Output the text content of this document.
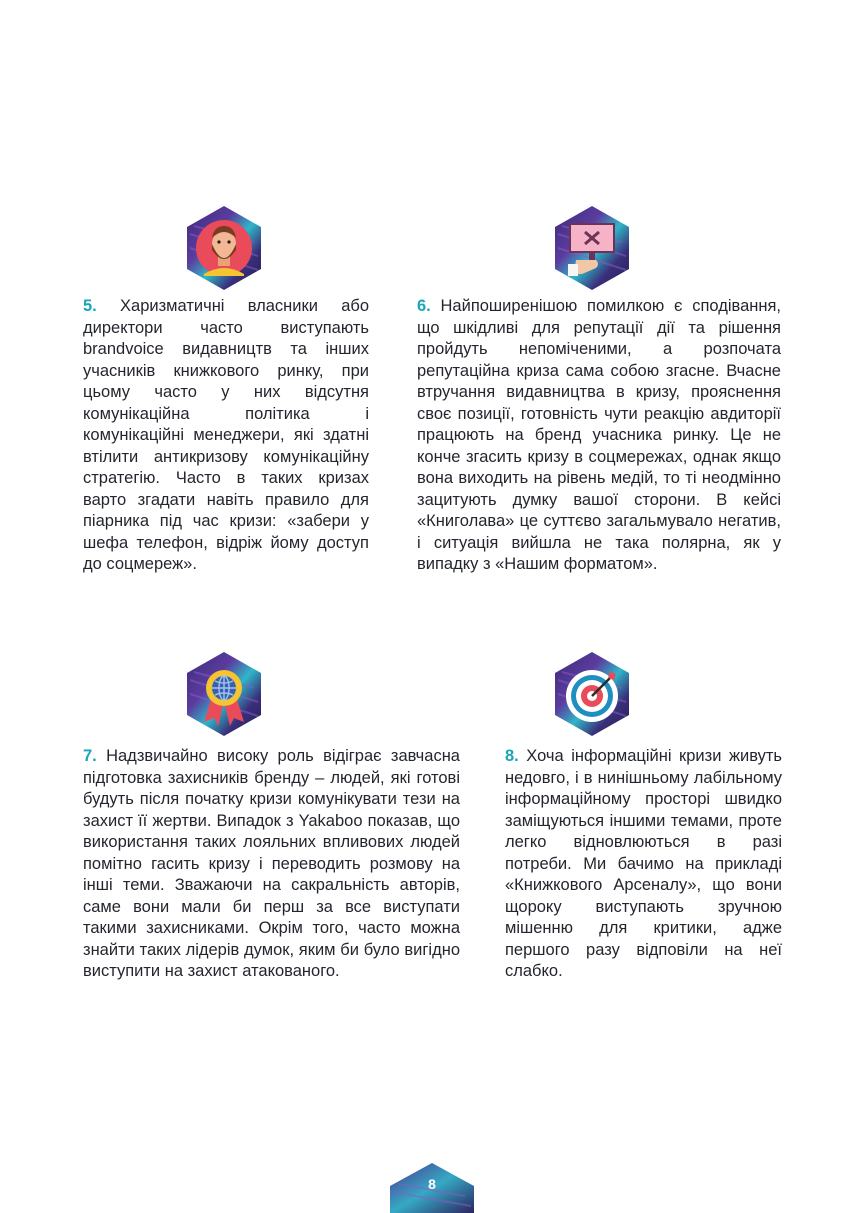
5. Харизматичні власники або директори часто виступають brandvoice видавництв та інших учасників книжкового ринку, при цьому часто у них відсутня комунікаційна політика і комунікаційні менеджери, які здатні втілити антикризову комунікаційну стратегію. Часто в таких кризах варто згадати навіть правило для піарника під час кризи: «забери у шефа телефон, відріж йому доступ до соцмереж».

6. Найпоширенішою помилкою є сподівання, що шкідливі для репутації дії та рішення пройдуть непоміченими, а розпочата репутаційна криза сама собою згасне. Вчасне втручання видавництва в кризу, прояснення своє позиції, готовність чути реакцію авдиторії працюють на бренд учасника ринку. Це не конче згасить кризу в соцмережах, однак якщо вона виходить на рівень медій, то ті неодмінно зацитують думку вашої сторони. В кейсі «Книголава» це суттєво загальмувало негатив, і ситуація вийшла не така полярна, як у випадку з «Нашим форматом».

7. Надзвичайно високу роль відіграє завчасна підготовка захисників бренду – людей, які готові будуть після початку кризи комунікувати тези на захист її жертви. Випадок з Yakaboo показав, що використання таких лояльних впливових людей помітно гасить кризу і переводить розмову на інші теми. Зважаючи на сакральність авторів, саме вони мали би перш за все виступати такими захисниками. Окрім того, часто можна знайти таких лідерів думок, яким би було вигідно виступити на захист атакованого.

8. Хоча інформаційні кризи живуть недовго, і в нинішньому лабільному інформаційному просторі швидко заміщуються іншими темами, проте легко відновлюються в разі потреби. Ми бачимо на прикладі «Книжкового Арсеналу», що вони щороку виступають зручною мішенню для критики, адже першого разу відповіли на неї слабко.

8
